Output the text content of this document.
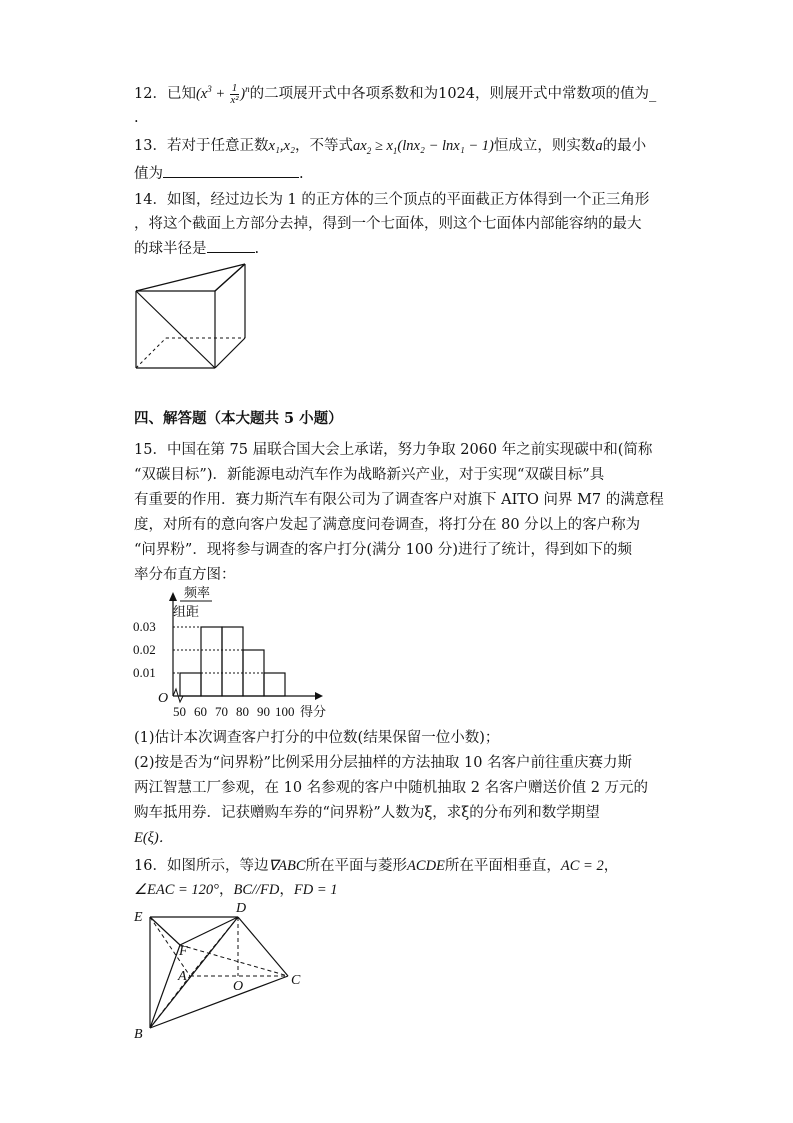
12．已知$(x^3 + \frac{1}{\text{x²}} )^n$的二项展开式中各项系数和为1024，则展开式中常数项的值为_
.
13．若对于任意正数x₁,x₂，不等式$ax_2 \ge x_1(\ln x_2 - \ln x_1 - 1)$恒成立，则实数a的最小
值为	.
14．如图，经过边长为 1 的正方体的三个顶点的平面截正方体得到一个正三角形
，将这个截面上方部分去掉，得到一个七面体，则这个七面体内部能容纳的最大
的球半径是	.
四、解答题（本大题共 5 小题）
15．中国在第 75 届联合国大会上承诺，努力争取 2060 年之前实现碳中和(简称
“双碳目标”)．新能源电动汽车作为战略新兴产业，对于实现“双碳目标”具
有重要的作用．赛力斯汽车有限公司为了调查客户对旗下 AITO 问界 M7 的满意程
度，对所有的意向客户发起了满意度问卷调查，将打分在 80 分以上的客户称为
“问界粉”．现将参与调查的客户打分(满分 100 分)进行了统计，得到如下的频
率分布直方图：
0.01
0.02
0.03
50 60 70 80 90 100
O
频率
组距
得分
(1)估计本次调查客户打分的中位数(结果保留一位小数)；
(2)按是否为“问界粉”比例采用分层抽样的方法抽取 10 名客户前往重庆赛力斯
两江智慧工厂参观，在 10 名参观的客户中随机抽取 2 名客户赠送价值 2 万元的
购车抵用券．记获赠购车券的“问界粉”人数为ξ，求ξ的分布列和数学期望
E(ξ)．
16．如图所示，等边∇ABC所在平面与菱形ACDE所在平面相垂直，AC = 2，
∠EAC = 120°，BC//FD，FD = 1
E
D
F
A
O	C
B
